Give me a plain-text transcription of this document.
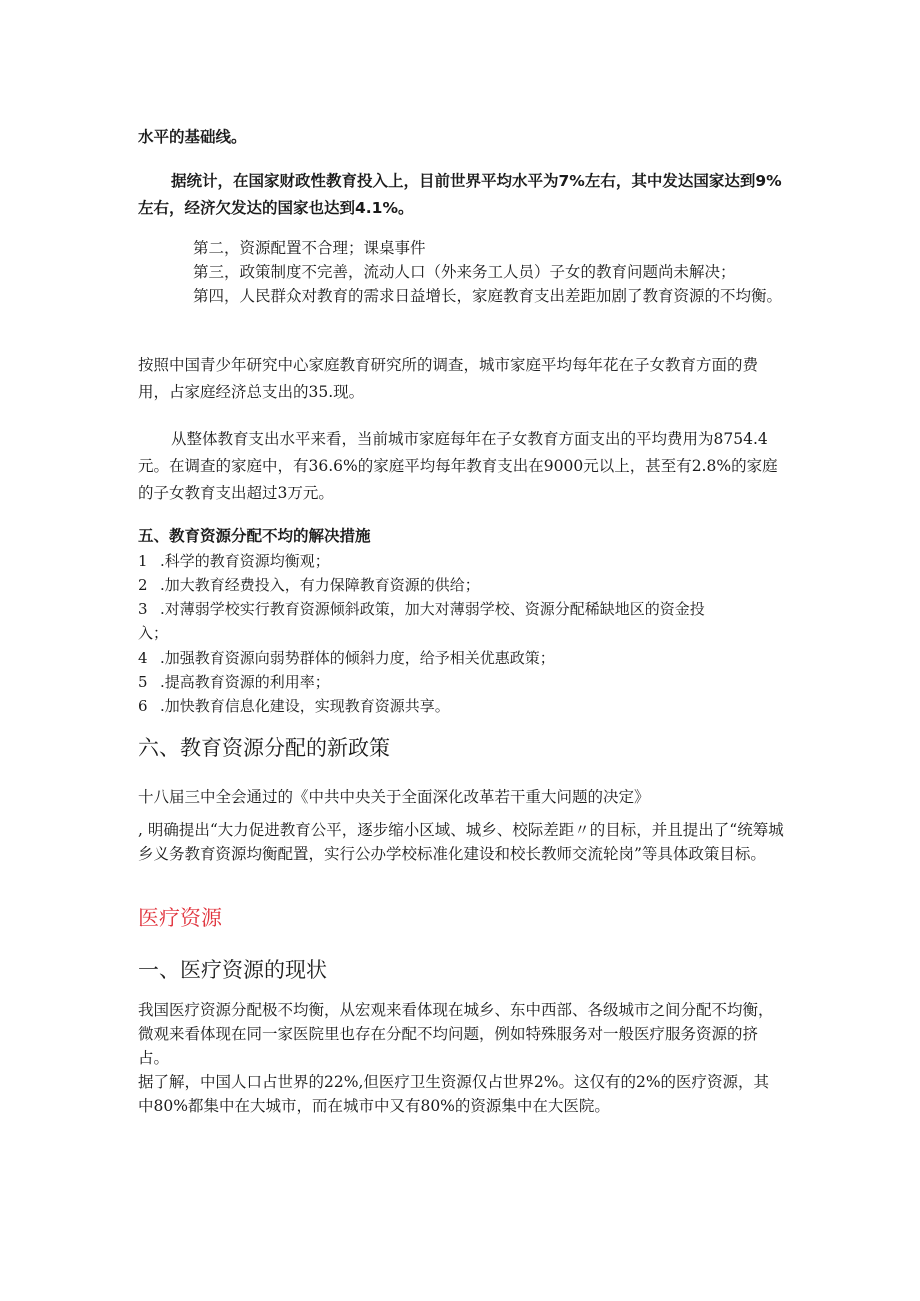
水平的基础线。

据统计，在国家财政性教育投入上，目前世界平均水平为7%左右，其中发达国家达到9%左右，经济欠发达的国家也达到4.1%。

第二，资源配置不合理；课桌事件

第三，政策制度不完善，流动人口（外来务工人员）子女的教育问题尚未解决；

第四，人民群众对教育的需求日益增长，家庭教育支出差距加剧了教育资源的不均衡。

按照中国青少年研究中心家庭教育研究所的调查，城市家庭平均每年花在子女教育方面的费用，占家庭经济总支出的35.现。

从整体教育支出水平来看，当前城市家庭每年在子女教育方面支出的平均费用为8754.4元。在调查的家庭中，有36.6%的家庭平均每年教育支出在9000元以上，甚至有2.8%的家庭的子女教育支出超过3万元。

五、教育资源分配不均的解决措施

1 .科学的教育资源均衡观；

2 .加大教育经费投入，有力保障教育资源的供给；

3 .对薄弱学校实行教育资源倾斜政策，加大对薄弱学校、资源分配稀缺地区的资金投

入；

4 .加强教育资源向弱势群体的倾斜力度，给予相关优惠政策；

5 .提高教育资源的利用率；

6 .加快教育信息化建设，实现教育资源共享。

六、教育资源分配的新政策

十八届三中全会通过的《中共中央关于全面深化改革若干重大问题的决定》

, 明确提出“大力促进教育公平，逐步缩小区域、城乡、校际差距〃的目标，并且提出了“统筹城乡义务教育资源均衡配置，实行公办学校标准化建设和校长教师交流轮岗”等具体政策目标。

医疗资源

一、医疗资源的现状

我国医疗资源分配极不均衡，从宏观来看体现在城乡、东中西部、各级城市之间分配不均衡，微观来看体现在同一家医院里也存在分配不均问题，例如特殊服务对一般医疗服务资源的挤占。

据了解，中国人口占世界的22%,但医疗卫生资源仅占世界2%。这仅有的2%的医疗资源，其中80%都集中在大城市，而在城市中又有80%的资源集中在大医院。
